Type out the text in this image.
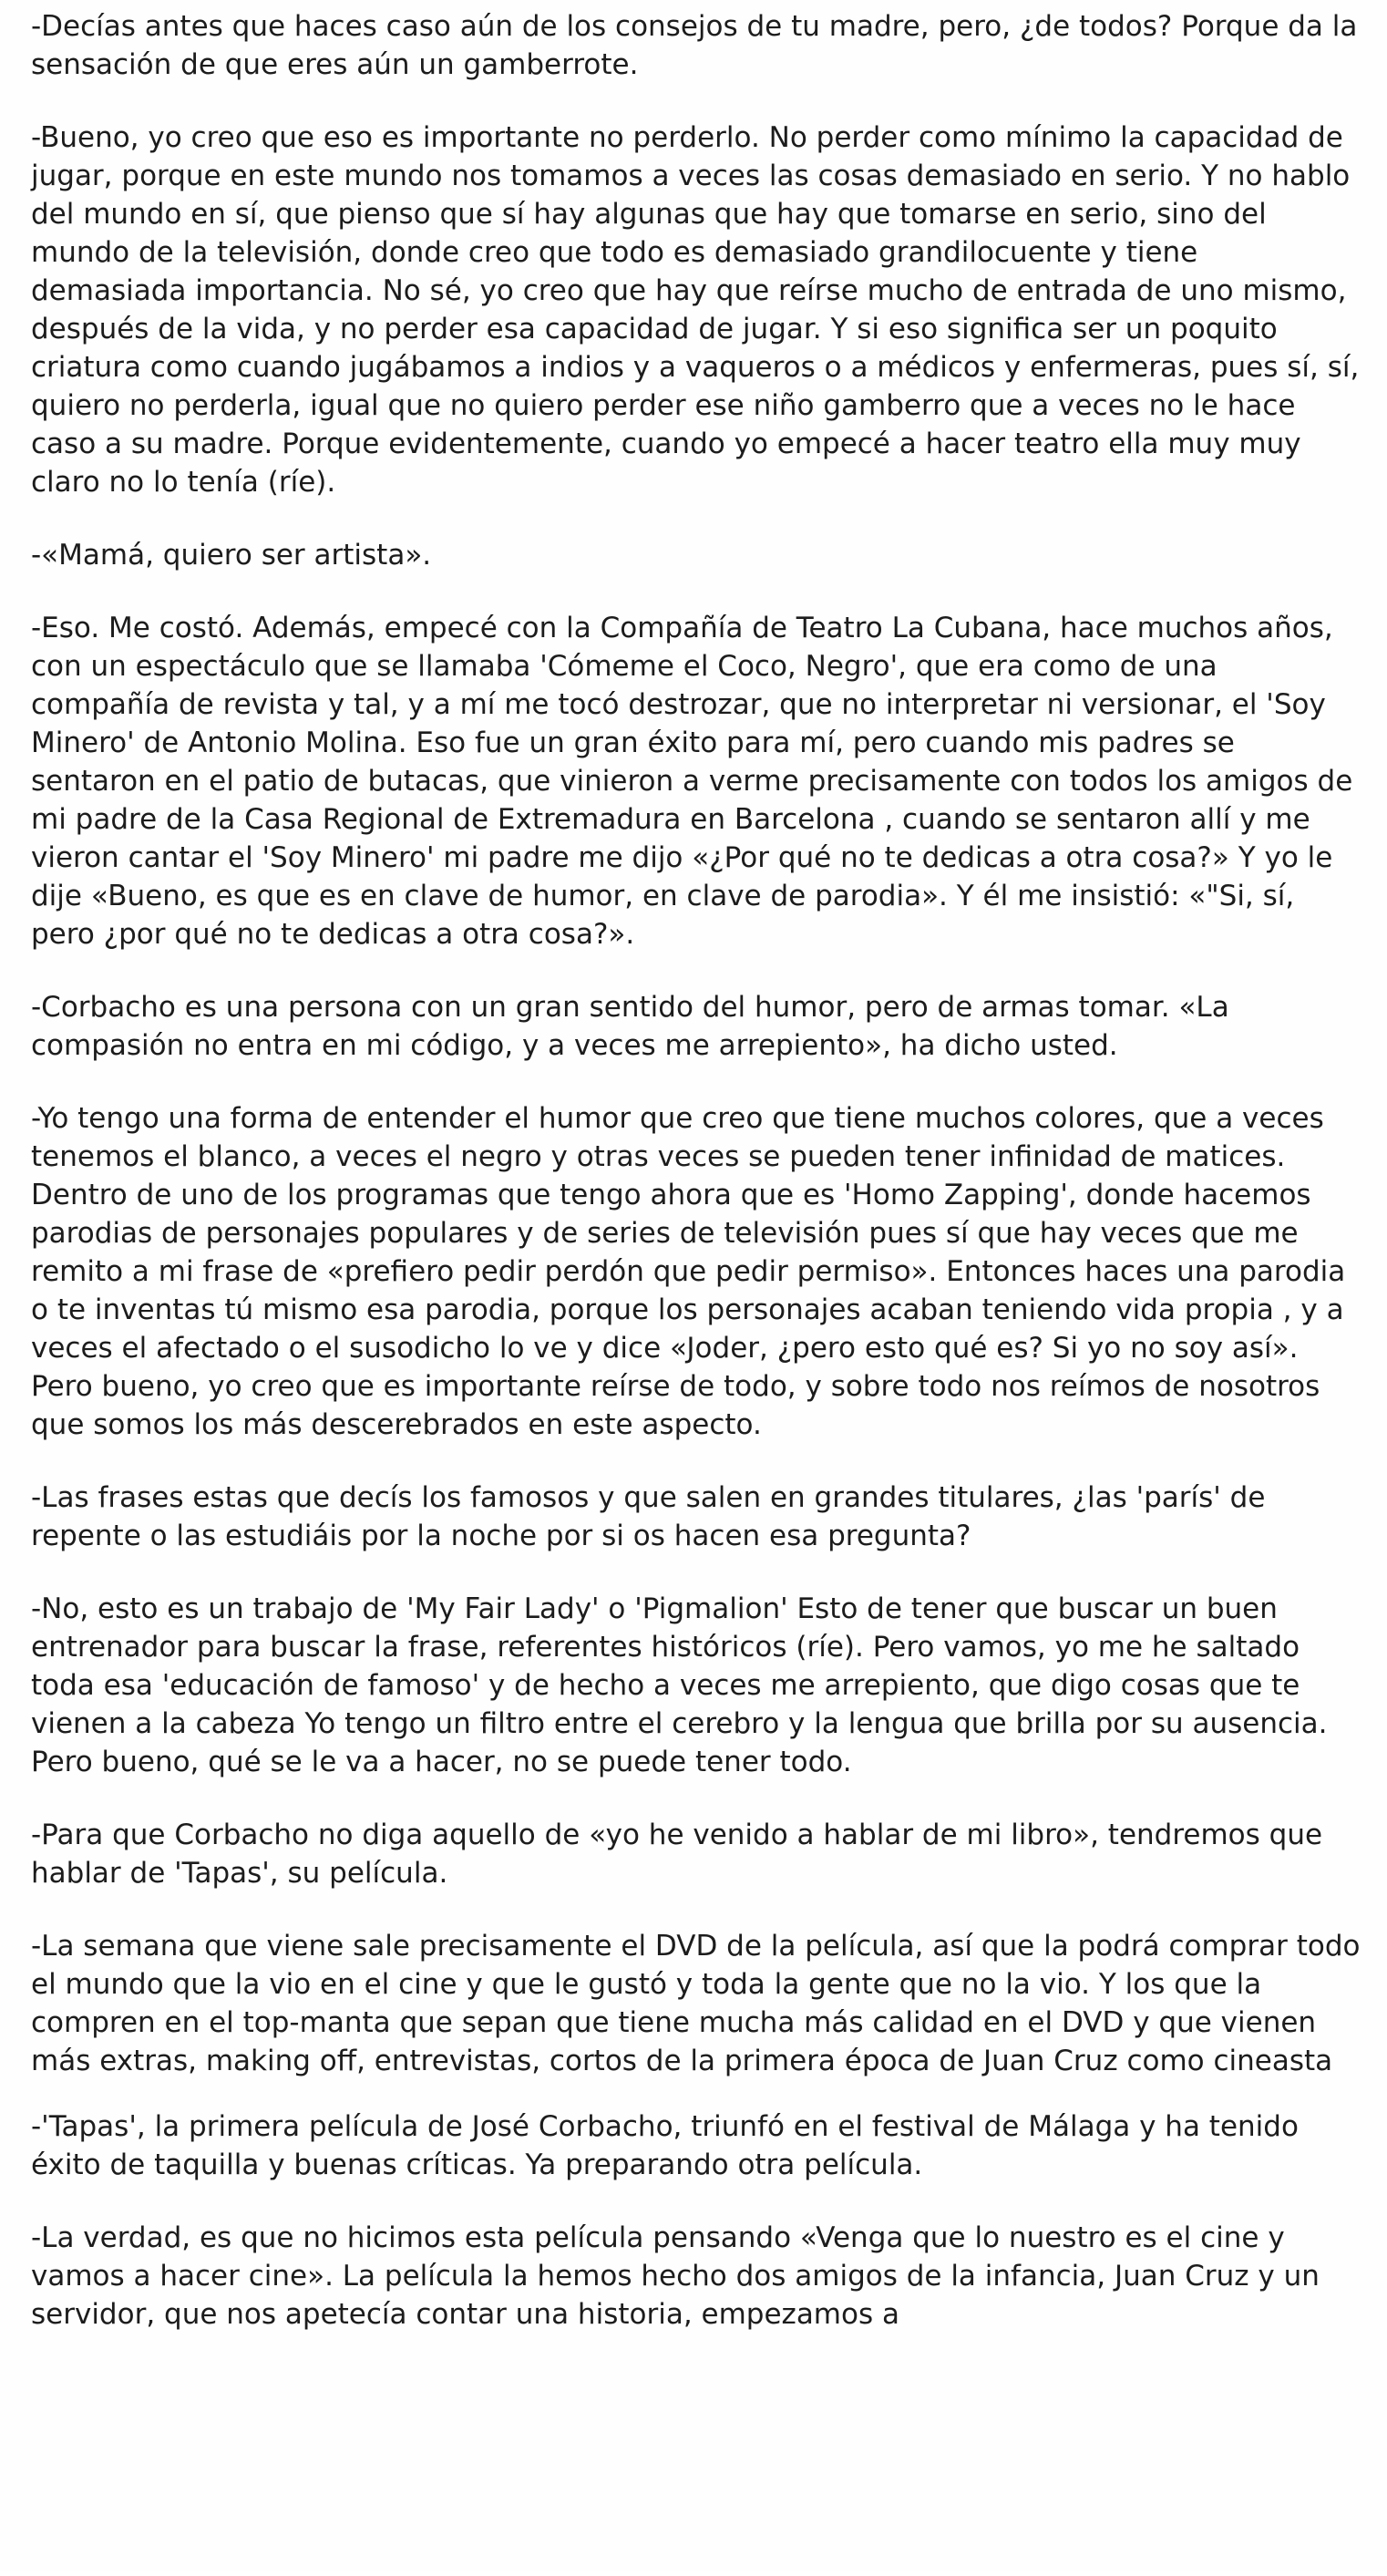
-Decías antes que haces caso aún de los consejos de tu madre, pero, ¿de todos? Porque da la sensación de que eres aún un gamberrote.

-Bueno, yo creo que eso es importante no perderlo. No perder como mínimo la capacidad de jugar, porque en este mundo nos tomamos a veces las cosas demasiado en serio. Y no hablo del mundo en sí, que pienso que sí hay algunas que hay que tomarse en serio, sino del mundo de la televisión, donde creo que todo es demasiado grandilocuente y tiene demasiada importancia. No sé, yo creo que hay que reírse mucho de entrada de uno mismo, después de la vida, y no perder esa capacidad de jugar. Y si eso significa ser un poquito criatura como cuando jugábamos a indios y a vaqueros o a médicos y enfermeras, pues sí, sí, quiero no perderla, igual que no quiero perder ese niño gamberro que a veces no le hace caso a su madre. Porque evidentemente, cuando yo empecé a hacer teatro ella muy muy claro no lo tenía (ríe).

-«Mamá, quiero ser artista».

-Eso. Me costó. Además, empecé con la Compañía de Teatro La Cubana, hace muchos años, con un espectáculo que se llamaba 'Cómeme el Coco, Negro', que era como de una compañía de revista y tal, y a mí me tocó destrozar, que no interpretar ni versionar, el 'Soy Minero' de Antonio Molina. Eso fue un gran éxito para mí, pero cuando mis padres se sentaron en el patio de butacas, que vinieron a verme precisamente con todos los amigos de mi padre de la Casa Regional de Extremadura en Barcelona , cuando se sentaron allí y me vieron cantar el 'Soy Minero' mi padre me dijo «¿Por qué no te dedicas a otra cosa?» Y yo le dije «Bueno, es que es en clave de humor, en clave de parodia». Y él me insistió: «"Si, sí, pero ¿por qué no te dedicas a otra cosa?».

-Corbacho es una persona con un gran sentido del humor, pero de armas tomar. «La compasión no entra en mi código, y a veces me arrepiento», ha dicho usted.

-Yo tengo una forma de entender el humor que creo que tiene muchos colores, que a veces tenemos el blanco, a veces el negro y otras veces se pueden tener infinidad de matices. Dentro de uno de los programas que tengo ahora que es 'Homo Zapping', donde hacemos parodias de personajes populares y de series de televisión pues sí que hay veces que me remito a mi frase de «prefiero pedir perdón que pedir permiso». Entonces haces una parodia o te inventas tú mismo esa parodia, porque los personajes acaban teniendo vida propia , y a veces el afectado o el susodicho lo ve y dice «Joder, ¿pero esto qué es? Si yo no soy así». Pero bueno, yo creo que es importante reírse de todo, y sobre todo nos reímos de nosotros que somos los más descerebrados en este aspecto.

-Las frases estas que decís los famosos y que salen en grandes titulares, ¿las 'parís' de repente o las estudiáis por la noche por si os hacen esa pregunta?

-No, esto es un trabajo de 'My Fair Lady' o 'Pigmalion' Esto de tener que buscar un buen entrenador para buscar la frase, referentes históricos (ríe). Pero vamos, yo me he saltado toda esa 'educación de famoso' y de hecho a veces me arrepiento, que digo cosas que te vienen a la cabeza Yo tengo un filtro entre el cerebro y la lengua que brilla por su ausencia. Pero bueno, qué se le va a hacer, no se puede tener todo.

-Para que Corbacho no diga aquello de «yo he venido a hablar de mi libro», tendremos que hablar de 'Tapas', su película.

-La semana que viene sale precisamente el DVD de la película, así que la podrá comprar todo el mundo que la vio en el cine y que le gustó y toda la gente que no la vio. Y los que la compren en el top-manta que sepan que tiene mucha más calidad en el DVD y que vienen más extras, making off, entrevistas, cortos de la primera época de Juan Cruz como cineasta

-'Tapas', la primera película de José Corbacho, triunfó en el festival de Málaga y ha tenido éxito de taquilla y buenas críticas. Ya preparando otra película.

-La verdad, es que no hicimos esta película pensando «Venga que lo nuestro es el cine y vamos a hacer cine». La película la hemos hecho dos amigos de la infancia, Juan Cruz y un servidor, que nos apetecía contar una historia, empezamos a
